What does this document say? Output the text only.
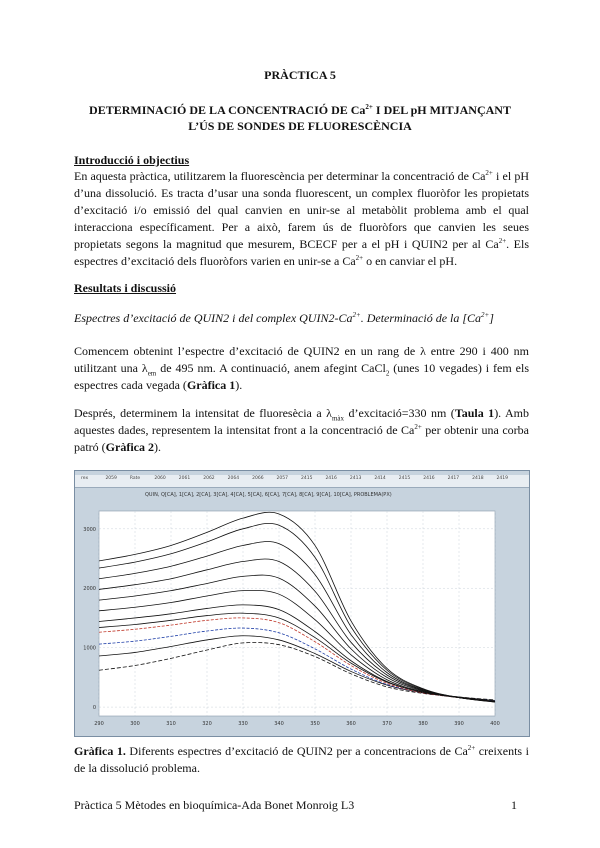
PRÀCTICA 5
DETERMINACIÓ DE LA CONCENTRACIÓ DE $Ca^{2+}$ I DEL pH MITJANÇANT
L’ÚS DE SONDES DE FLUORESCÈNCIA
Introducció i objectius
En aquesta pràctica, utilitzarem la fluorescència per determinar la concentració de $Ca^{2+}$ i el pH d’una dissolució. Es tracta d’usar una sonda fluorescent, un complex fluoròfor les propietats d’excitació i/o emissió del qual canvien en unir-se al metabòlit problema amb el qual interacciona específicament. Per a això, farem ús de fluoròfors que canvien les seues propietats segons la magnitud que mesurem, BCECF per a el pH i QUIN2 per al $Ca^{2+}$. Els espectres d’excitació dels fluoròfors varien en unir-se a $Ca^{2+}$ o en canviar el pH.
Resultats i discussió
Espectres d’excitació de QUIN2 i del complex $QUIN2-Ca^{2+}$. Determinació de la $[Ca^{2+}]$
Comencem obtenint l’espectre d’excitació de QUIN2 en un rang de λ entre 290 i 400 nm utilitzant una $\lambda_{em}$ de 495 nm. A continuació, anem afegint CaCl$_2$ (unes 10 vegades) i fem els espectres cada vegada (Gràfica 1).
Després, determinem la intensitat de fluoresècia a $\lambda_{màx}$ d’excitació=330 nm (Taula 1). Amb aquestes dades, representem la intensitat front a la concentració de $Ca^{2+}$ per obtenir una corba patró (Gràfica 2).
rex	2059	Rate	2060	2061	2062	2064	2066	2057	2415	2416	2413	2414	2415	2416	2417	2418	2419
QUIN, Q[CA], 1[CA], 2[CA], 3[CA], 4[CA], 5[CA], 6[CA], 7[CA], 8[CA], 9[CA], 10[CA], PROBLEMA(PX)
290	300	310	320	330	340	350	360	370	380	390	400
0
1000
2000
3000
Gràfica 1. Diferents espectres d’excitació de QUIN2 per a concentracions de $Ca^{2+}$ creixents i de la dissolució problema.
Pràctica 5 Mètodes en bioquímica-Ada Bonet Monroig L3	1
